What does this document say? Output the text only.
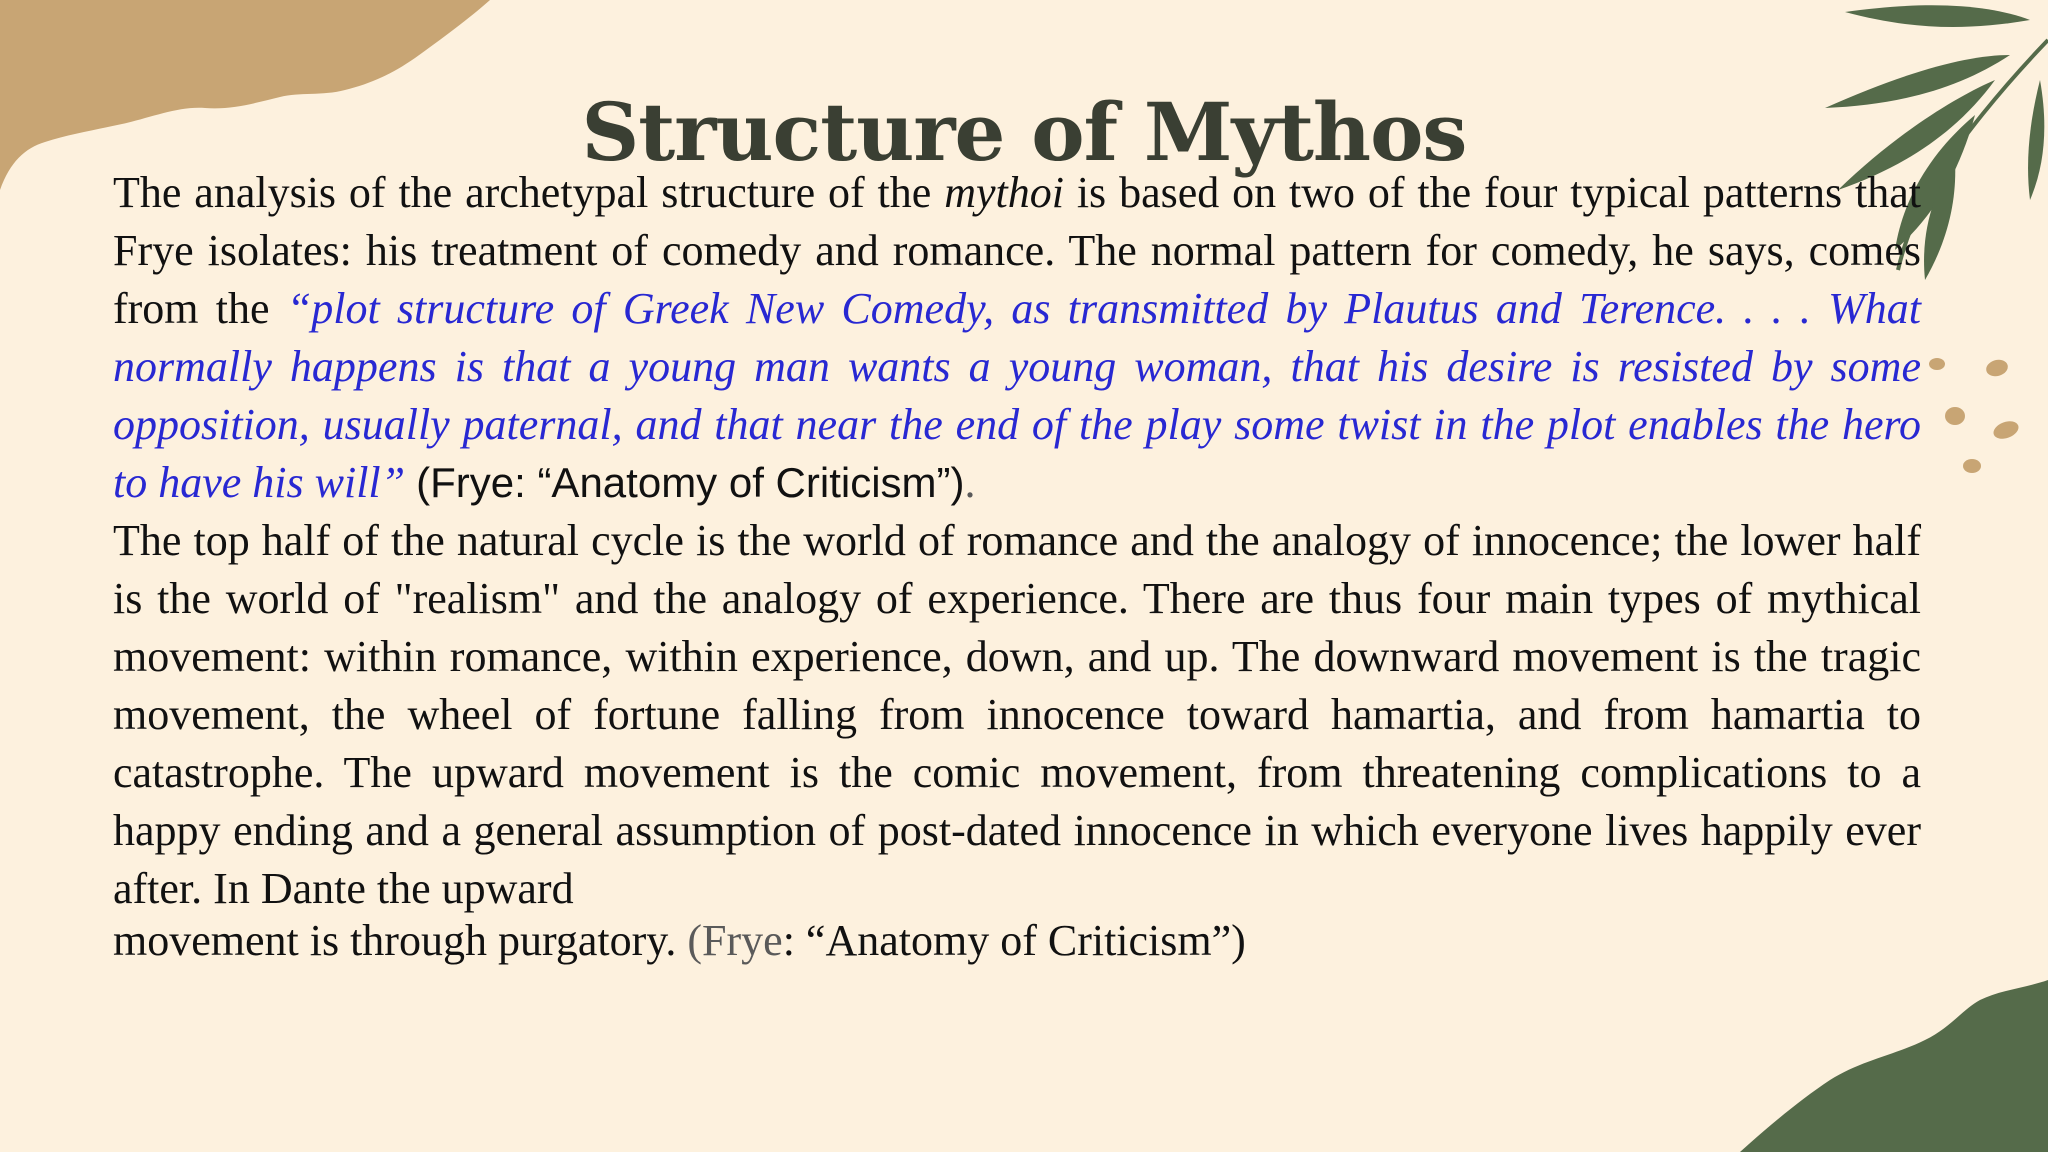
Structure of Mythos

The analysis of the archetypal structure of the mythoi is based on two of the four typical patterns that Frye isolates: his treatment of comedy and romance. The normal pattern for comedy, he says, comes from the “plot structure of Greek New Comedy, as transmitted by Plautus and Terence. . . . What normally happens is that a young man wants a young woman, that his desire is resisted by some opposition, usually paternal, and that near the end of the play some twist in the plot enables the hero to have his will” (Frye: “Anatomy of Criticism”).

The top half of the natural cycle is the world of romance and the analogy of innocence; the lower half is the world of "realism" and the analogy of experience. There are thus four main types of mythical movement: within romance, within experience, down, and up. The downward movement is the tragic movement, the wheel of fortune falling from innocence toward hamartia, and from hamartia to catastrophe. The upward movement is the comic movement, from threatening complications to a happy ending and a general assumption of post-dated innocence in which everyone lives happily ever after. In Dante the upward
movement is through purgatory. (Frye: “Anatomy of Criticism”)
